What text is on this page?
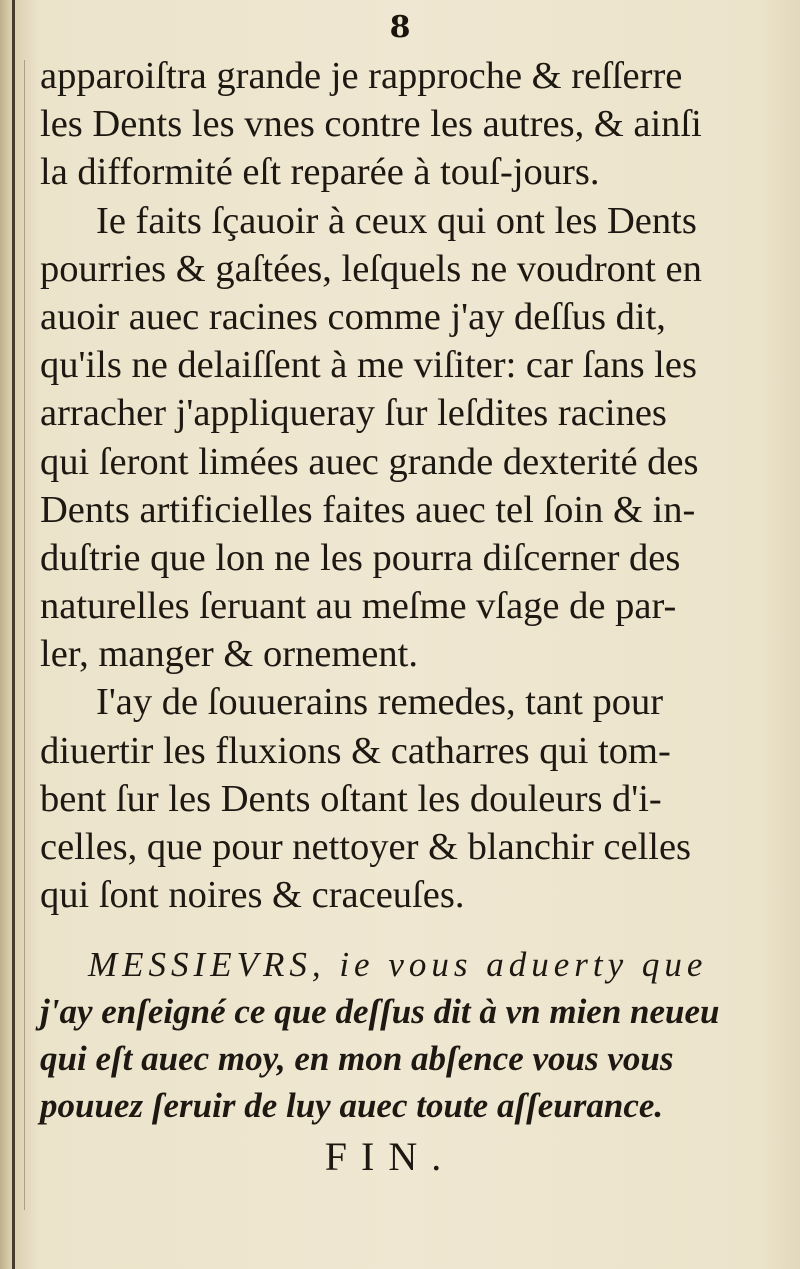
8
apparoiſtra grande je rapproche & reſſerre
les Dents les vnes contre les autres, & ainſi
la difformité eſt reparée à touſ-jours.
Ie faits ſçauoir à ceux qui ont les Dents
pourries & gaſtées, leſquels ne voudront en
auoir auec racines comme j'ay deſſus dit,
qu'ils ne delaiſſent à me viſiter: car ſans les
arracher j'appliqueray ſur leſdites racines
qui ſeront limées auec grande dexterité des
Dents artificielles faites auec tel ſoin & in-
duſtrie que lon ne les pourra diſcerner des
naturelles ſeruant au meſme vſage de par-
ler, manger & ornement.
I'ay de ſouuerains remedes, tant pour
diuertir les fluxions & catharres qui tom-
bent ſur les Dents oſtant les douleurs d'i-
celles, que pour nettoyer & blanchir celles
qui ſont noires & craceuſes.
MESSIEVRS, ie vous aduerty que
j'ay enſeigné ce que deſſus dit à vn mien neueu
qui eſt auec moy, en mon abſence vous vous
pouuez ſeruir de luy auec toute aſſeurance.
FIN.
